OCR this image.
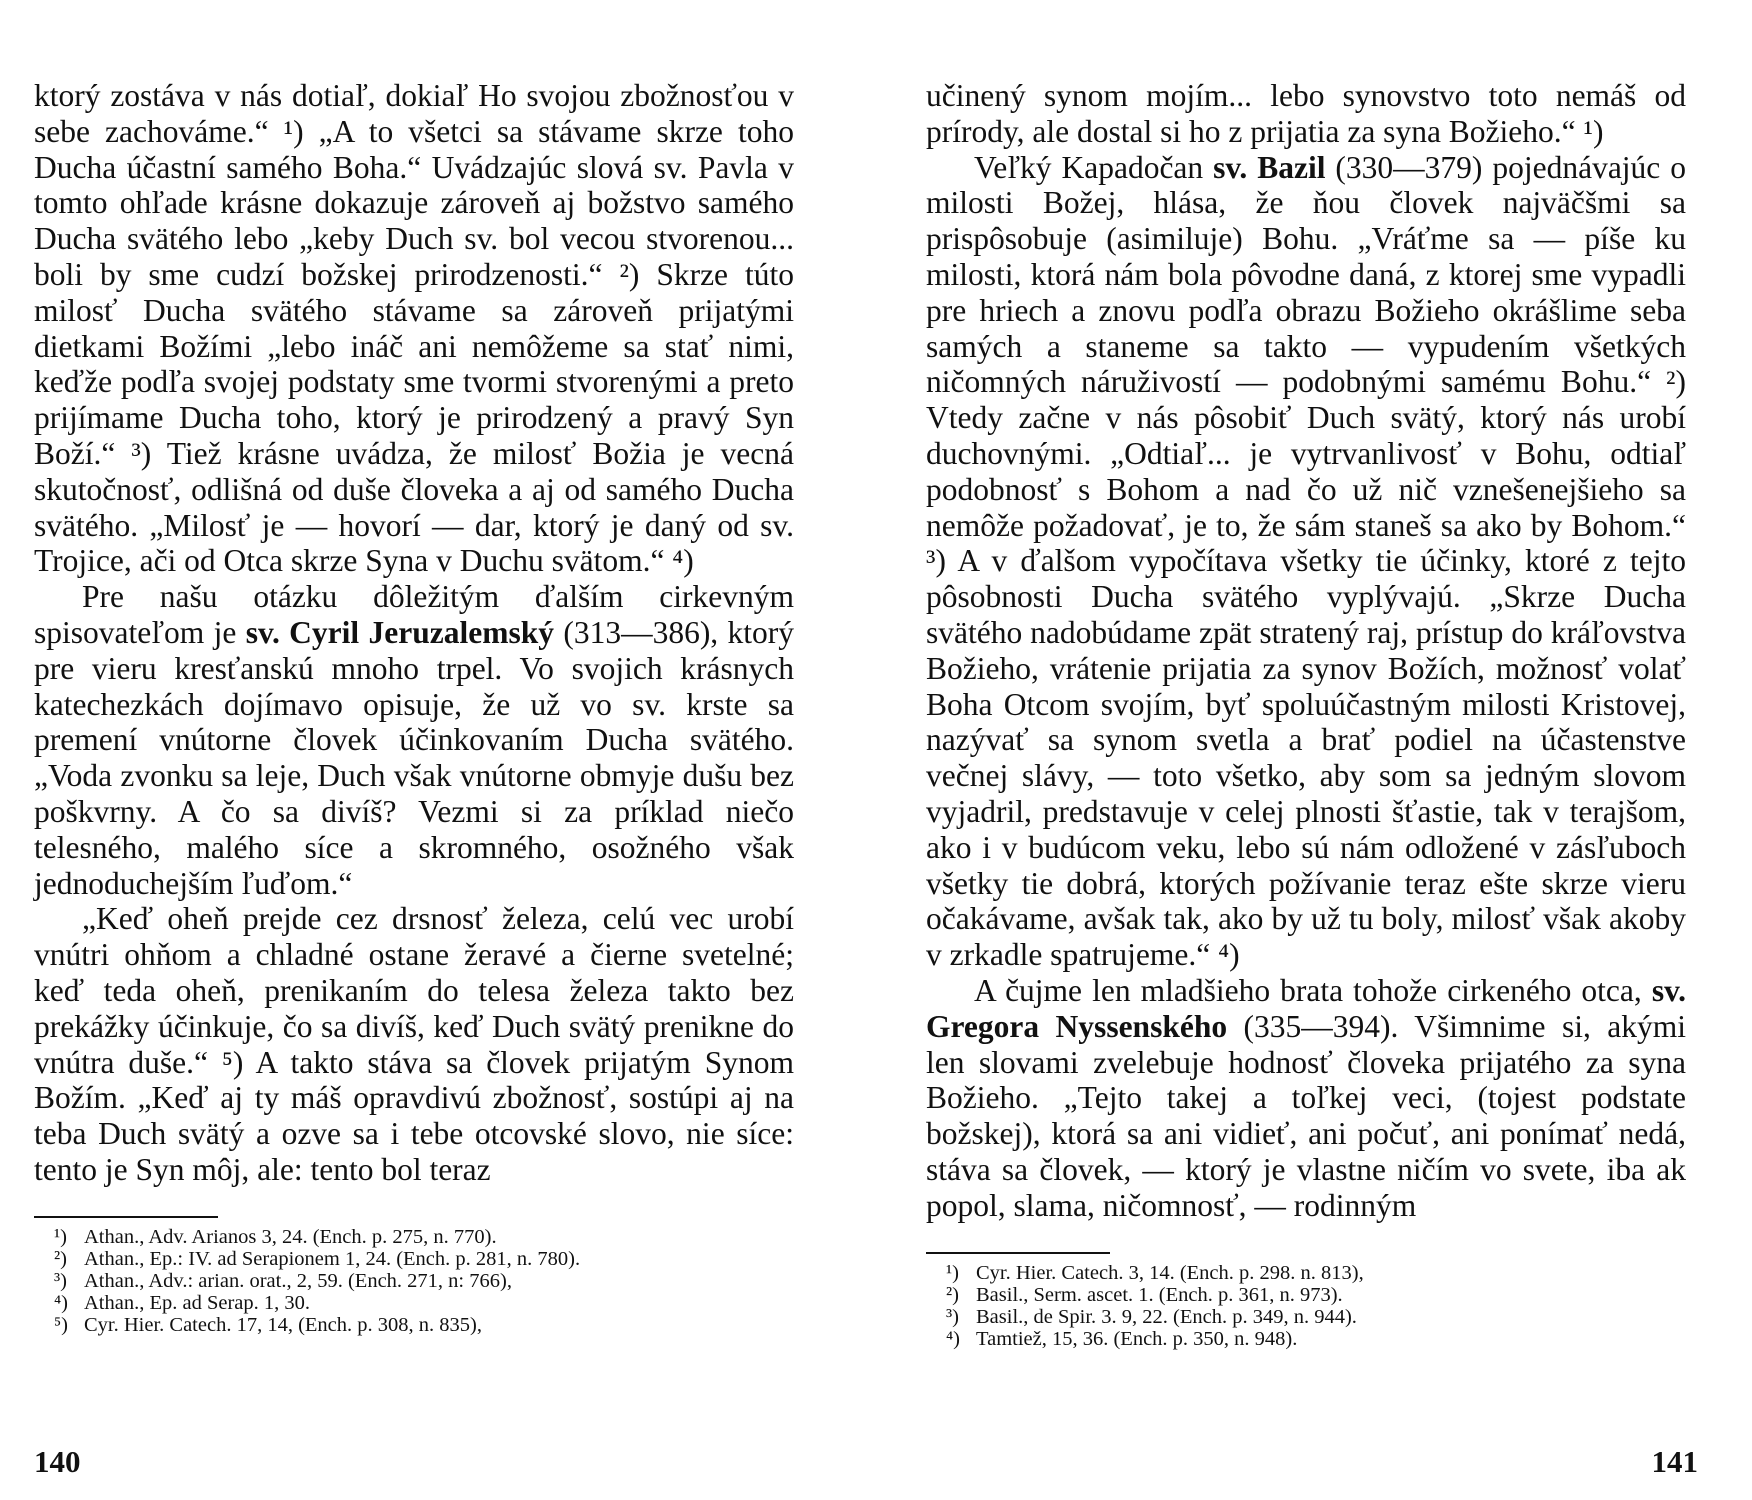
ktorý zostáva v nás dotiaľ, dokiaľ Ho svojou zbožnosťou v sebe zachováme.“ ¹) „A to všetci sa stávame skrze toho Ducha účastní samého Boha.“ Uvádzajúc slová sv. Pavla v tomto ohľade krásne dokazuje zároveň aj božstvo samého Ducha svätého lebo „keby Duch sv. bol vecou stvorenou... boli by sme cudzí božskej prirodzenosti.“ ²) Skrze túto milosť Ducha svätého stávame sa zároveň prijatými dietkami Božími „lebo ináč ani nemôžeme sa stať nimi, keďže podľa svojej podstaty sme tvormi stvorenými a preto prijímame Ducha toho, ktorý je prirodzený a pravý Syn Boží.“ ³) Tiež krásne uvádza, že milosť Božia je vecná skutočnosť, odlišná od duše človeka a aj od samého Ducha svätého. „Milosť je — hovorí — dar, ktorý je daný od sv. Trojice, ači od Otca skrze Syna v Duchu svätom.“ ⁴)

Pre našu otázku dôležitým ďalším cirkevným spisovateľom je sv. Cyril Jeruzalemský (313—386), ktorý pre vieru kresťanskú mnoho trpel. Vo svojich krásnych katechezkách dojímavo opisuje, že už vo sv. krste sa premení vnútorne človek účinkovaním Ducha svätého. „Voda zvonku sa leje, Duch však vnútorne obmyje dušu bez poškvrny. A čo sa divíš? Vezmi si za príklad niečo telesného, malého síce a skromného, osožného však jednoduchejším ľuďom.“

„Keď oheň prejde cez drsnosť železa, celú vec urobí vnútri ohňom a chladné ostane žeravé a čierne svetelné; keď teda oheň, prenikaním do telesa železa takto bez prekážky účinkuje, čo sa divíš, keď Duch svätý prenikne do vnútra duše.“ ⁵) A takto stáva sa človek prijatým Synom Božím. „Keď aj ty máš opravdivú zbožnosť, sostúpi aj na teba Duch svätý a ozve sa i tebe otcovské slovo, nie síce: tento je Syn môj, ale: tento bol teraz

¹) Athan., Adv. Arianos 3, 24. (Ench. p. 275, n. 770).
²) Athan., Ep.: IV. ad Serapionem 1, 24. (Ench. p. 281, n. 780).
³) Athan., Adv.: arian. orat., 2, 59. (Ench. 271, n: 766),
⁴) Athan., Ep. ad Serap. 1, 30.
⁵) Cyr. Hier. Catech. 17, 14, (Ench. p. 308, n. 835),

učinený synom mojím... lebo synovstvo toto nemáš od prírody, ale dostal si ho z prijatia za syna Božieho.“ ¹)

Veľký Kapadočan sv. Bazil (330—379) pojednávajúc o milosti Božej, hlása, že ňou človek najväčšmi sa prispôsobuje (asimiluje) Bohu. „Vráťme sa — píše ku milosti, ktorá nám bola pôvodne daná, z ktorej sme vypadli pre hriech a znovu podľa obrazu Božieho okrášlime seba samých a staneme sa takto — vypudením všetkých ničomných náruživostí — podobnými samému Bohu.“ ²) Vtedy začne v nás pôsobiť Duch svätý, ktorý nás urobí duchovnými. „Odtiaľ... je vytrvanlivosť v Bohu, odtiaľ podobnosť s Bohom a nad čo už nič vznešenejšieho sa nemôže požadovať, je to, že sám staneš sa ako by Bohom.“ ³) A v ďalšom vypočítava všetky tie účinky, ktoré z tejto pôsobnosti Ducha svätého vyplývajú. „Skrze Ducha svätého nadobúdame zpät stratený raj, prístup do kráľovstva Božieho, vrátenie prijatia za synov Božích, možnosť volať Boha Otcom svojím, byť spoluúčastným milosti Kristovej, nazývať sa synom svetla a brať podiel na účastenstve večnej slávy, — toto všetko, aby som sa jedným slovom vyjadril, predstavuje v celej plnosti šťastie, tak v terajšom, ako i v budúcom veku, lebo sú nám odložené v zásľuboch všetky tie dobrá, ktorých požívanie teraz ešte skrze vieru očakávame, avšak tak, ako by už tu boly, milosť však akoby v zrkadle spatrujeme.“ ⁴)

A čujme len mladšieho brata tohože cirkeného otca, sv. Gregora Nyssenského (335—394). Všimnime si, akými len slovami zvelebuje hodnosť človeka prijatého za syna Božieho. „Tejto takej a toľkej veci, (tojest podstate božskej), ktorá sa ani vidieť, ani počuť, ani ponímať nedá, stáva sa človek, — ktorý je vlastne ničím vo svete, iba ak popol, slama, ničomnosť, — rodinným

¹) Cyr. Hier. Catech. 3, 14. (Ench. p. 298. n. 813),
²) Basil., Serm. ascet. 1. (Ench. p. 361, n. 973).
³) Basil., de Spir. 3. 9, 22. (Ench. p. 349, n. 944).
⁴) Tamtiež, 15, 36. (Ench. p. 350, n. 948).
140	141
